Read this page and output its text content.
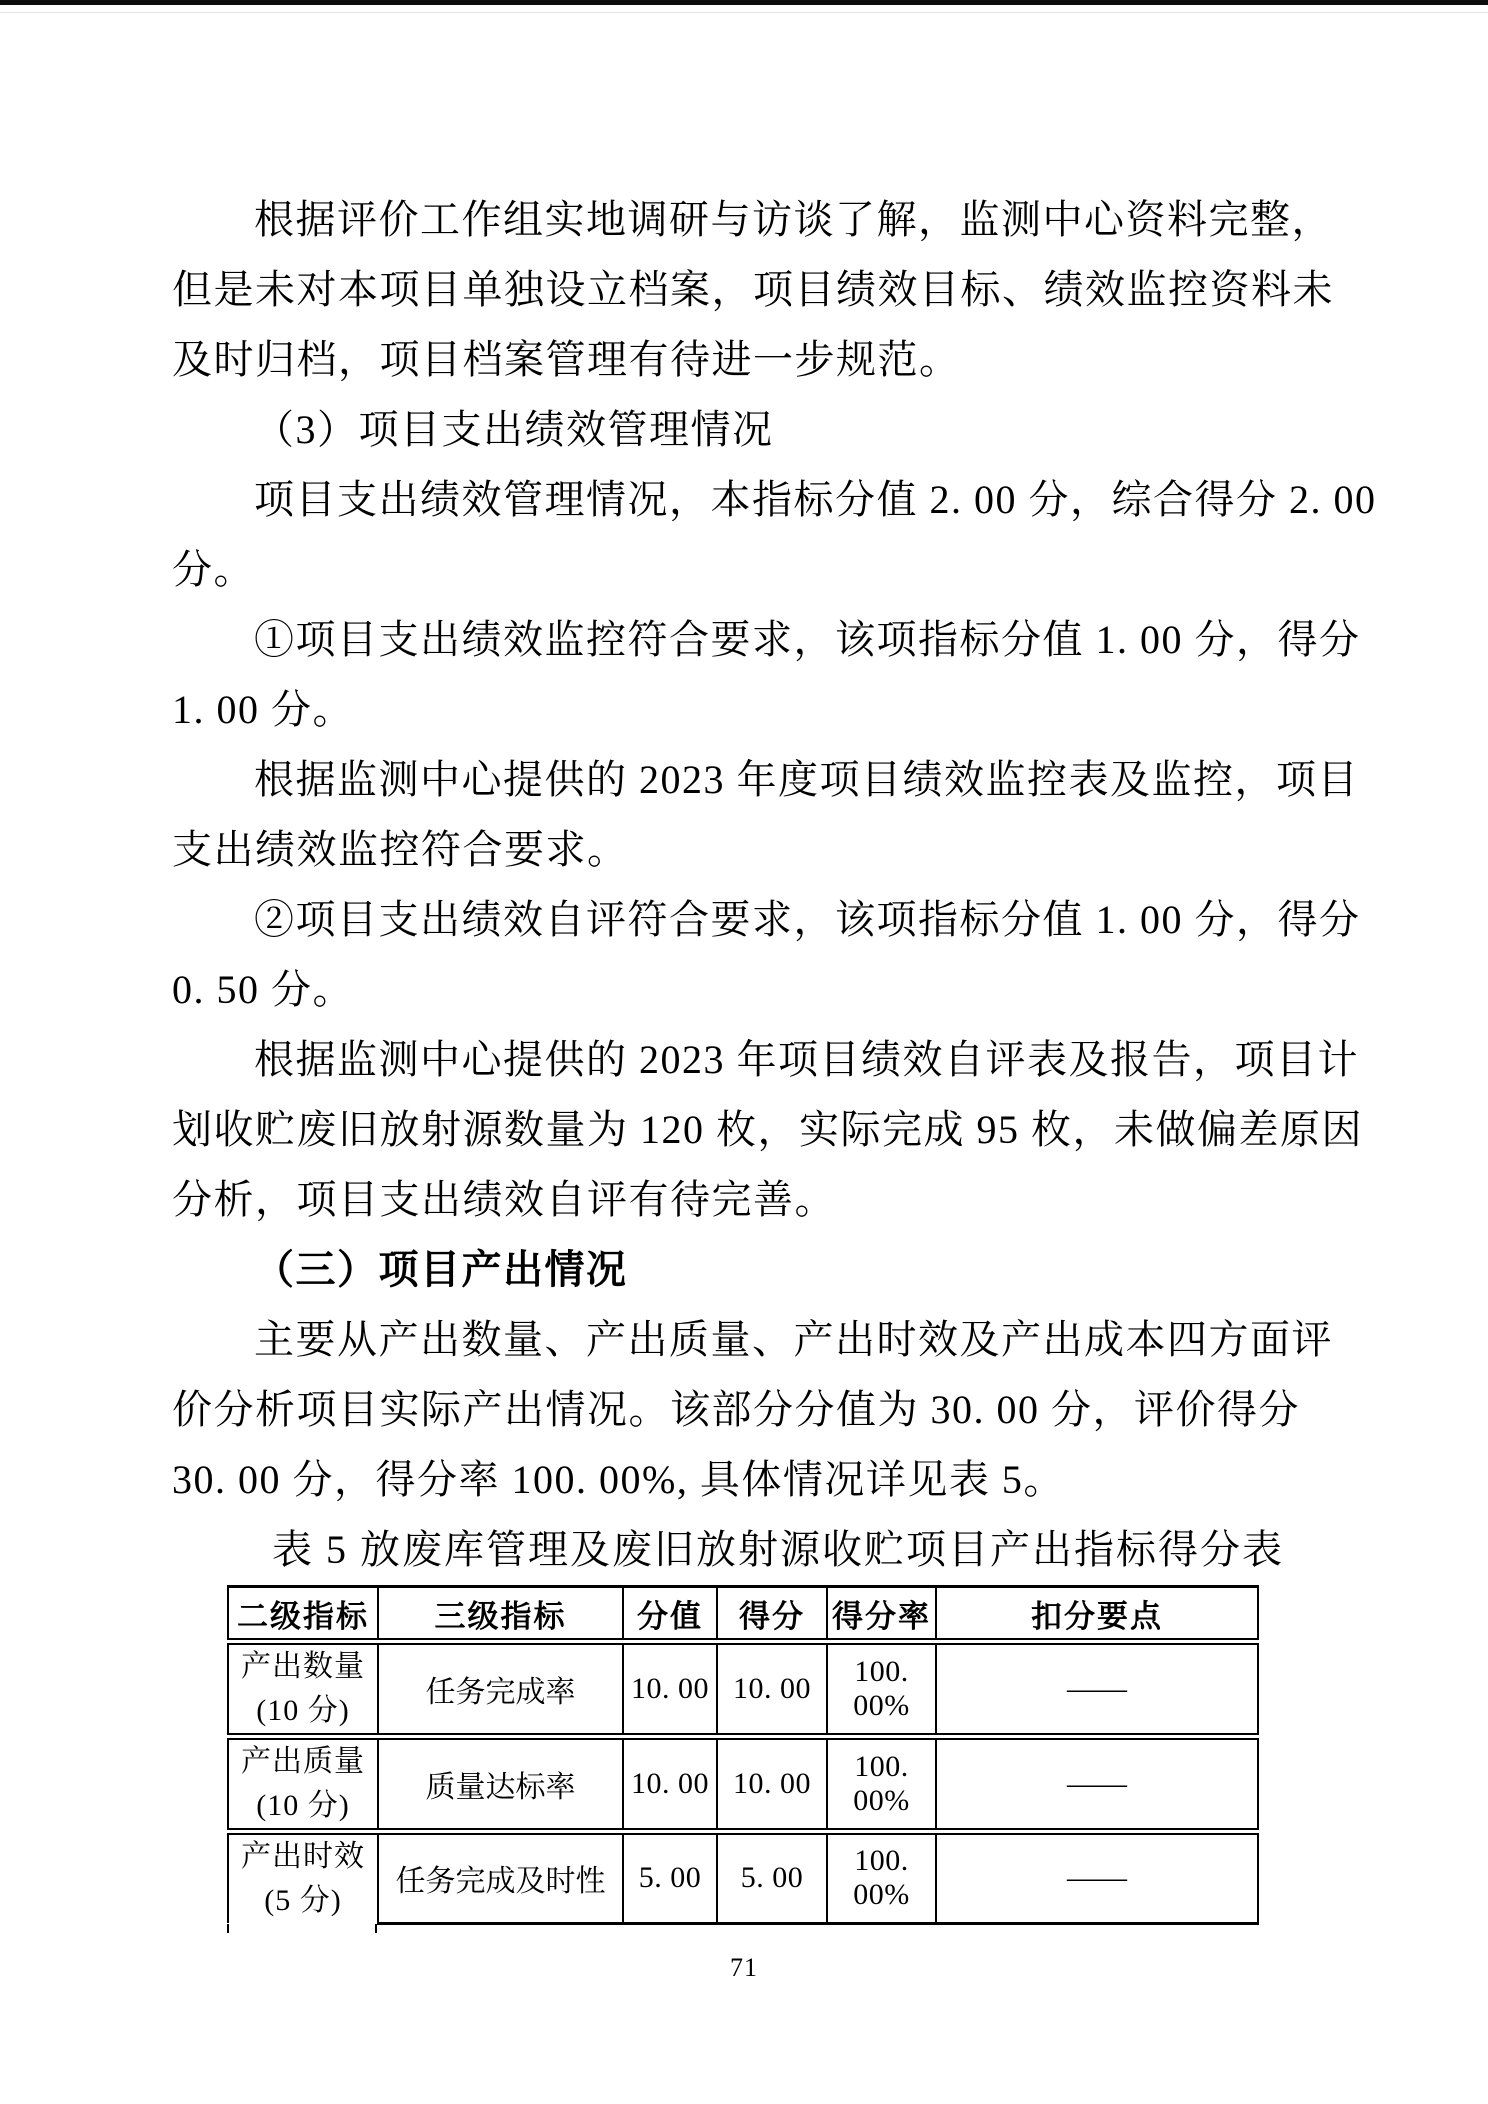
根据评价工作组实地调研与访谈了解，监测中心资料完整，
但是未对本项目单独设立档案，项目绩效目标、绩效监控资料未
及时归档，项目档案管理有待进一步规范。
（3）项目支出绩效管理情况
项目支出绩效管理情况，本指标分值 2. 00 分，综合得分 2. 00
分。
①项目支出绩效监控符合要求，该项指标分值 1. 00 分，得分
1. 00 分。
根据监测中心提供的 2023 年度项目绩效监控表及监控，项目
支出绩效监控符合要求。
②项目支出绩效自评符合要求，该项指标分值 1. 00 分，得分
0. 50 分。
根据监测中心提供的 2023 年项目绩效自评表及报告，项目计
划收贮废旧放射源数量为 120 枚，实际完成 95 枚，未做偏差原因
分析，项目支出绩效自评有待完善。
（三）项目产出情况
主要从产出数量、产出质量、产出时效及产出成本四方面评
价分析项目实际产出情况。该部分分值为 30. 00 分，评价得分
30. 00 分，得分率 100. 00%, 具体情况详见表 5。
表 5 放废库管理及废旧放射源收贮项目产出指标得分表
二级指标	三级指标	分值	得分	得分率	扣分要点

产出数量
(10 分)	任务完成率	10. 00	10. 00	100. 00%	——

产出质量
(10 分)	质量达标率	10. 00	10. 00	100. 00%	——

产出时效
(5 分)	任务完成及时性	5. 00	5. 00	100. 00%	——
71
